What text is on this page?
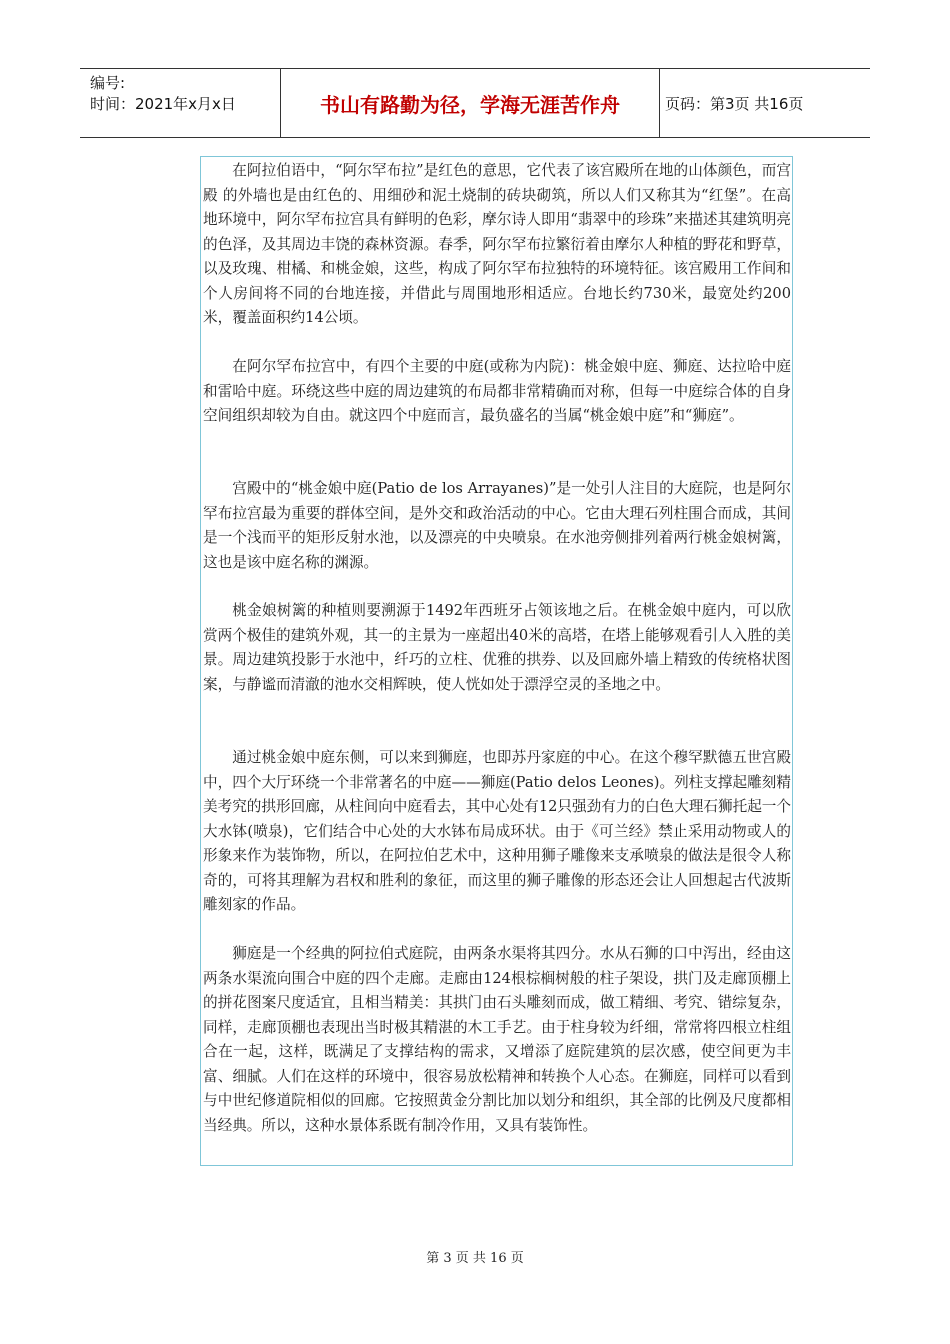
编号:
时间：2021年x月x日	书山有路勤为径，学海无涯苦作舟	页码：第3页 共16页

在阿拉伯语中，“阿尔罕布拉”是红色的意思，它代表了该宫殿所在地的山体颜色，而宫殿 的外墙也是由红色的、用细砂和泥土烧制的砖块砌筑，所以人们又称其为“红堡”。在高地环境中，阿尔罕布拉宫具有鲜明的色彩，摩尔诗人即用“翡翠中的珍珠”来描述其建筑明亮的色泽，及其周边丰饶的森林资源。春季，阿尔罕布拉繁衍着由摩尔人种植的野花和野草，以及玫瑰、柑橘、和桃金娘，这些，构成了阿尔罕布拉独特的环境特征。该宫殿用工作间和个人房间将不同的台地连接，并借此与周围地形相适应。台地长约730米，最宽处约200米，覆盖面积约14公顷。

在阿尔罕布拉宫中，有四个主要的中庭(或称为内院)：桃金娘中庭、狮庭、达拉哈中庭和雷哈中庭。环绕这些中庭的周边建筑的布局都非常精确而对称，但每一中庭综合体的自身空间组织却较为自由。就这四个中庭而言，最负盛名的当属“桃金娘中庭”和“狮庭”。

宫殿中的“桃金娘中庭(Patio de los Arrayanes)”是一处引人注目的大庭院，也是阿尔罕布拉宫最为重要的群体空间，是外交和政治活动的中心。它由大理石列柱围合而成，其间是一个浅而平的矩形反射水池，以及漂亮的中央喷泉。在水池旁侧排列着两行桃金娘树篱，这也是该中庭名称的渊源。

桃金娘树篱的种植则要溯源于1492年西班牙占领该地之后。在桃金娘中庭内，可以欣赏两个极佳的建筑外观，其一的主景为一座超出40米的高塔，在塔上能够观看引人入胜的美景。周边建筑投影于水池中，纤巧的立柱、优雅的拱券、以及回廊外墙上精致的传统格状图案，与静谧而清澈的池水交相辉映，使人恍如处于漂浮空灵的圣地之中。

通过桃金娘中庭东侧，可以来到狮庭，也即苏丹家庭的中心。在这个穆罕默德五世宫殿中，四个大厅环绕一个非常著名的中庭——狮庭(Patio delos Leones)。列柱支撑起雕刻精美考究的拱形回廊，从柱间向中庭看去，其中心处有12只强劲有力的白色大理石狮托起一个大水钵(喷泉)，它们结合中心处的大水钵布局成环状。由于《可兰经》禁止采用动物或人的形象来作为装饰物，所以，在阿拉伯艺术中，这种用狮子雕像来支承喷泉的做法是很令人称奇的，可将其理解为君权和胜利的象征，而这里的狮子雕像的形态还会让人回想起古代波斯雕刻家的作品。

狮庭是一个经典的阿拉伯式庭院，由两条水渠将其四分。水从石狮的口中泻出，经由这两条水渠流向围合中庭的四个走廊。走廊由124根棕榈树般的柱子架设，拱门及走廊顶棚上的拼花图案尺度适宜，且相当精美：其拱门由石头雕刻而成，做工精细、考究、错综复杂，同样，走廊顶棚也表现出当时极其精湛的木工手艺。由于柱身较为纤细，常常将四根立柱组合在一起，这样，既满足了支撑结构的需求，又增添了庭院建筑的层次感，使空间更为丰富、细腻。人们在这样的环境中，很容易放松精神和转换个人心态。在狮庭，同样可以看到与中世纪修道院相似的回廊。它按照黄金分割比加以划分和组织，其全部的比例及尺度都相当经典。所以，这种水景体系既有制冷作用，又具有装饰性。

第 3 页 共 16 页
